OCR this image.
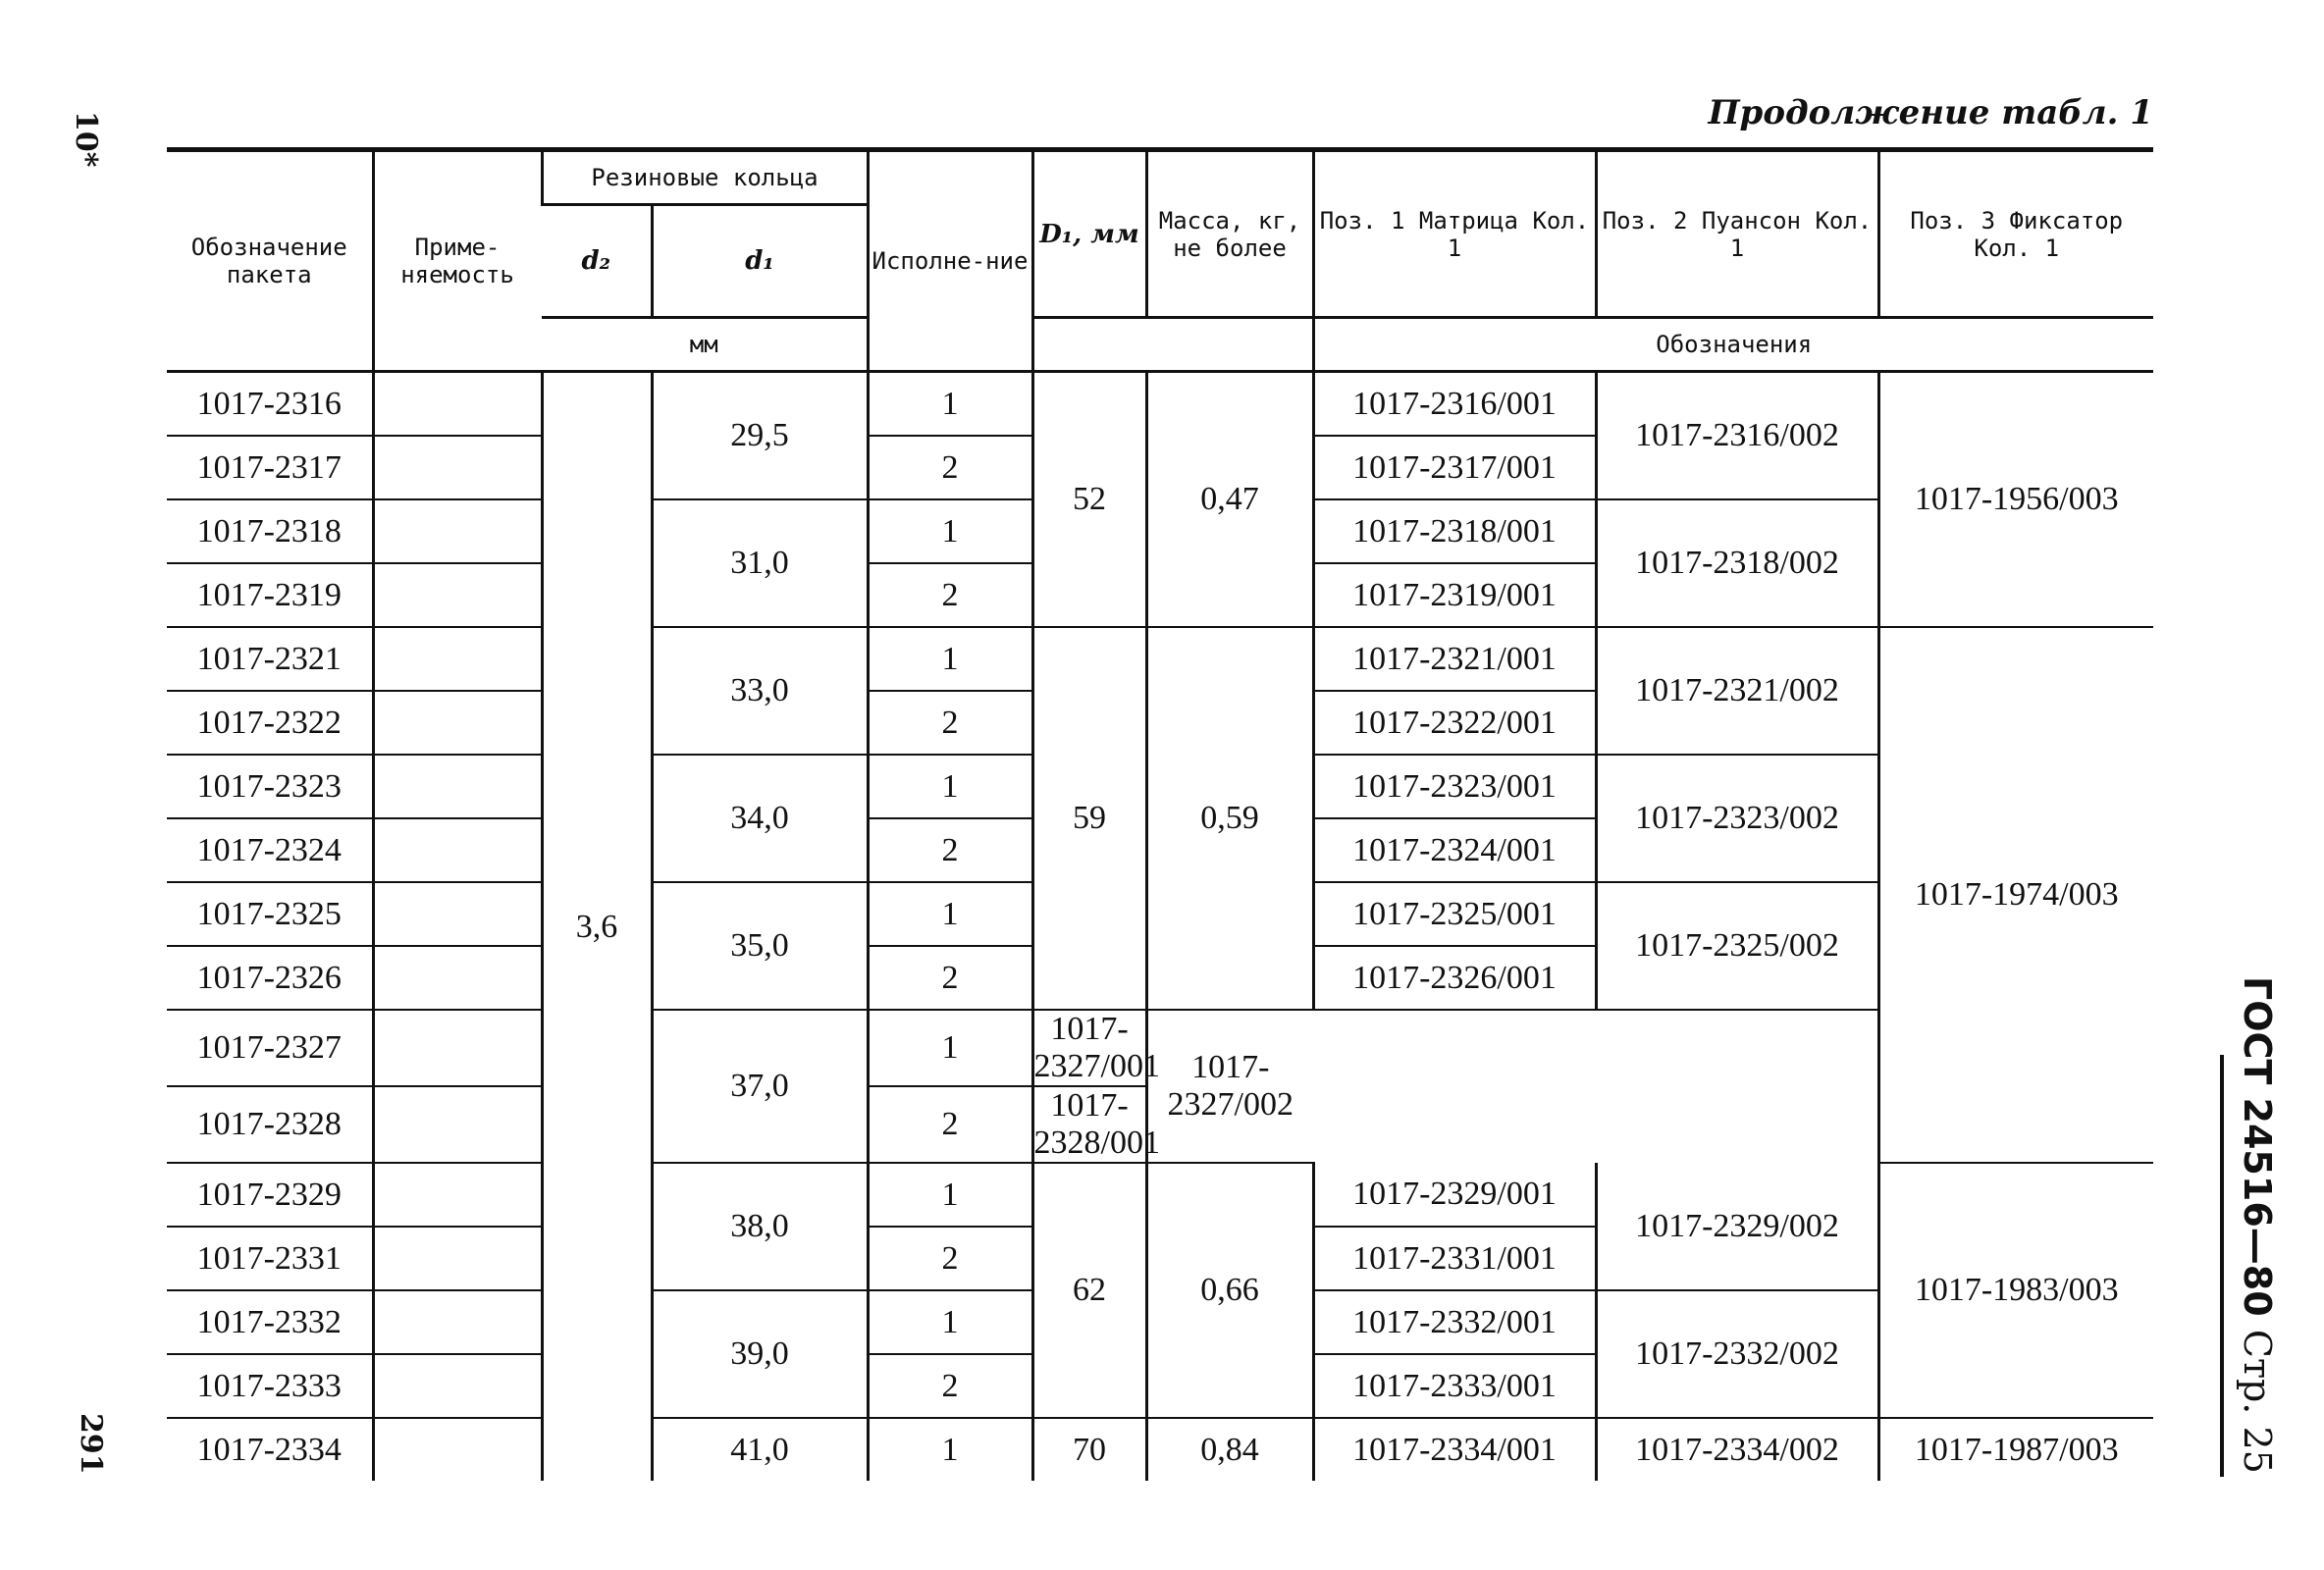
10*
291
ГОСТ 24516—80 Стр. 25
Продолжение табл. 1
Обозначение пакета	Приме-няемость	Резиновые кольца		Исполне-ние	D₁, мм	Масса, кг, не более	Поз. 1 Матрица Кол. 1	Поз. 2 Пуансон Кол. 1	Поз. 3 Фиксатор Кол. 1
		d₂	d₁						
		мм					Обозначения		
1017-2316		3,6	29,5	1	52	0,47	1017-2316/001	1017-2316/002	1017-1956/003
1017-2317				2			1017-2317/001		
1017-2318			31,0	1			1017-2318/001	1017-2318/002	
1017-2319				2			1017-2319/001		
1017-2321			33,0	1	59	0,59	1017-2321/001	1017-2321/002	1017-1974/003
1017-2322				2			1017-2322/001		
1017-2323			34,0	1			1017-2323/001	1017-2323/002	
1017-2324				2			1017-2324/001		
1017-2325			35,0	1			1017-2325/001	1017-2325/002	
1017-2326				2			1017-2326/001		
1017-2327			37,0	1	1017-2327/001	1017-2327/002			
1017-2328				2	1017-2328/001				
1017-2329			38,0	1	62	0,66	1017-2329/001	1017-2329/002	1017-1983/003
1017-2331				2			1017-2331/001		
1017-2332			39,0	1			1017-2332/001	1017-2332/002	
1017-2333				2			1017-2333/001		
1017-2334			41,0	1	70	0,84	1017-2334/001	1017-2334/002	1017-1987/003
